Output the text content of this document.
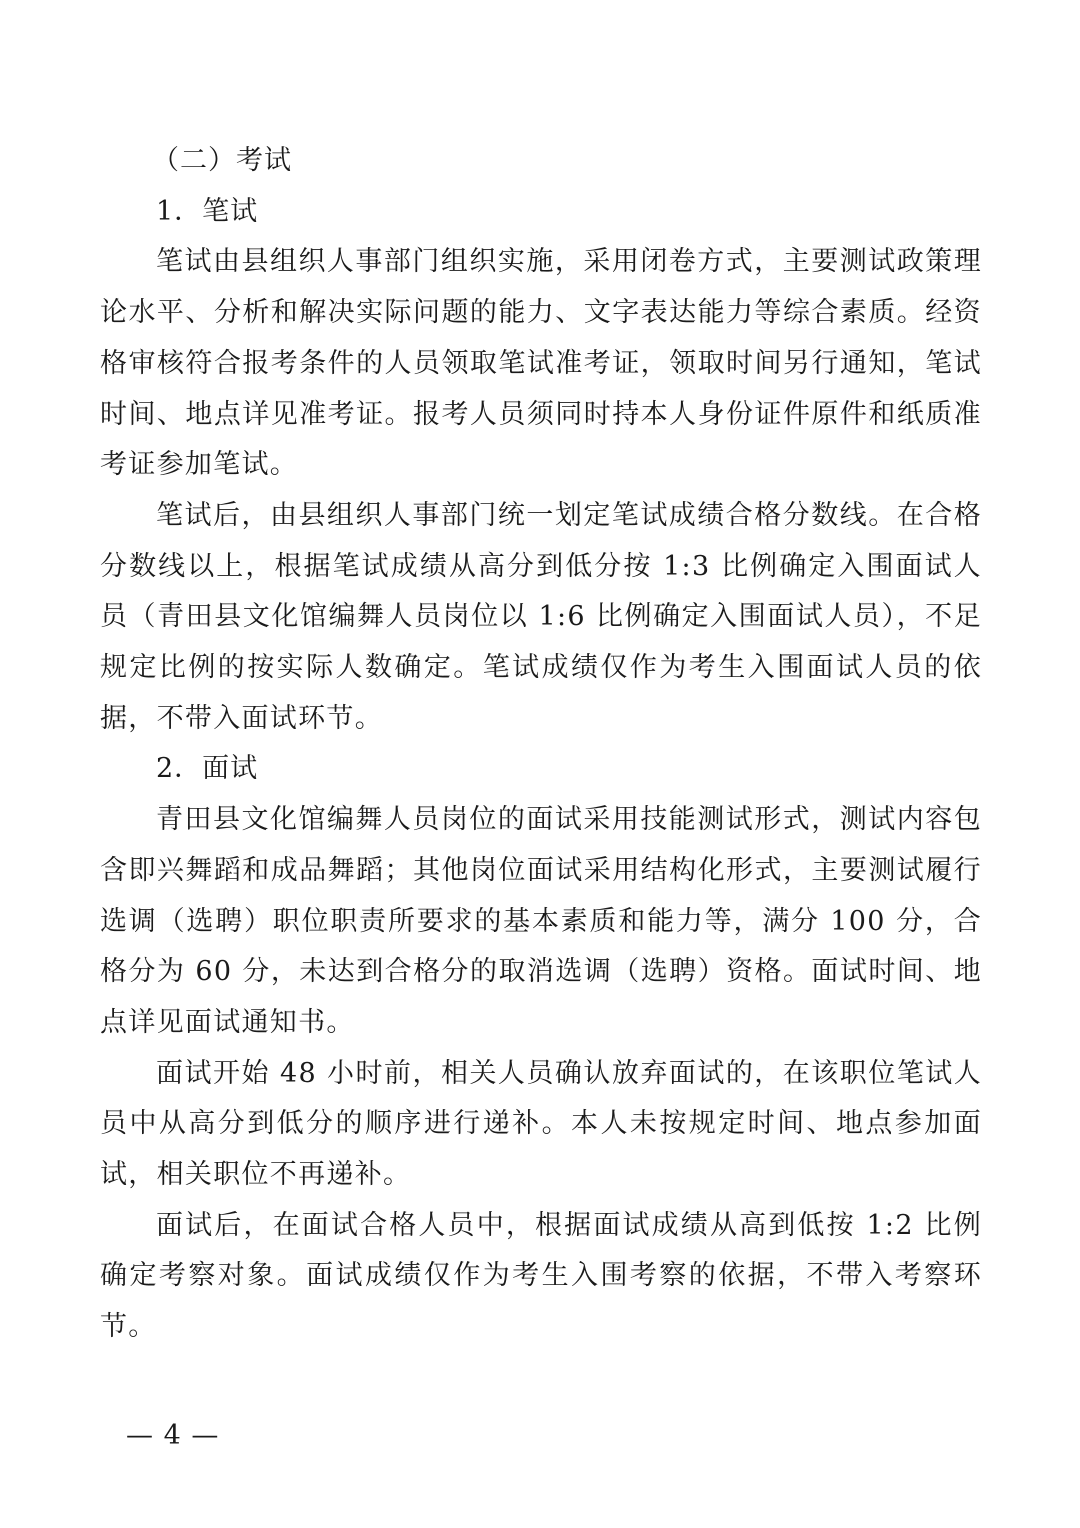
（二）考试

1．笔试

笔试由县组织人事部门组织实施，采用闭卷方式，主要测试政策理论水平、分析和解决实际问题的能力、文字表达能力等综合素质。经资格审核符合报考条件的人员领取笔试准考证，领取时间另行通知，笔试时间、地点详见准考证。报考人员须同时持本人身份证件原件和纸质准考证参加笔试。

笔试后，由县组织人事部门统一划定笔试成绩合格分数线。在合格分数线以上，根据笔试成绩从高分到低分按 1:3 比例确定入围面试人员（青田县文化馆编舞人员岗位以 1:6 比例确定入围面试人员），不足规定比例的按实际人数确定。笔试成绩仅作为考生入围面试人员的依据，不带入面试环节。

2．面试

青田县文化馆编舞人员岗位的面试采用技能测试形式，测试内容包含即兴舞蹈和成品舞蹈；其他岗位面试采用结构化形式，主要测试履行选调（选聘）职位职责所要求的基本素质和能力等，满分 100 分，合格分为 60 分，未达到合格分的取消选调（选聘）资格。面试时间、地点详见面试通知书。

面试开始 48 小时前，相关人员确认放弃面试的，在该职位笔试人员中从高分到低分的顺序进行递补。本人未按规定时间、地点参加面试，相关职位不再递补。

面试后，在面试合格人员中，根据面试成绩从高到低按 1:2 比例确定考察对象。面试成绩仅作为考生入围考察的依据，不带入考察环节。

— 4 —
